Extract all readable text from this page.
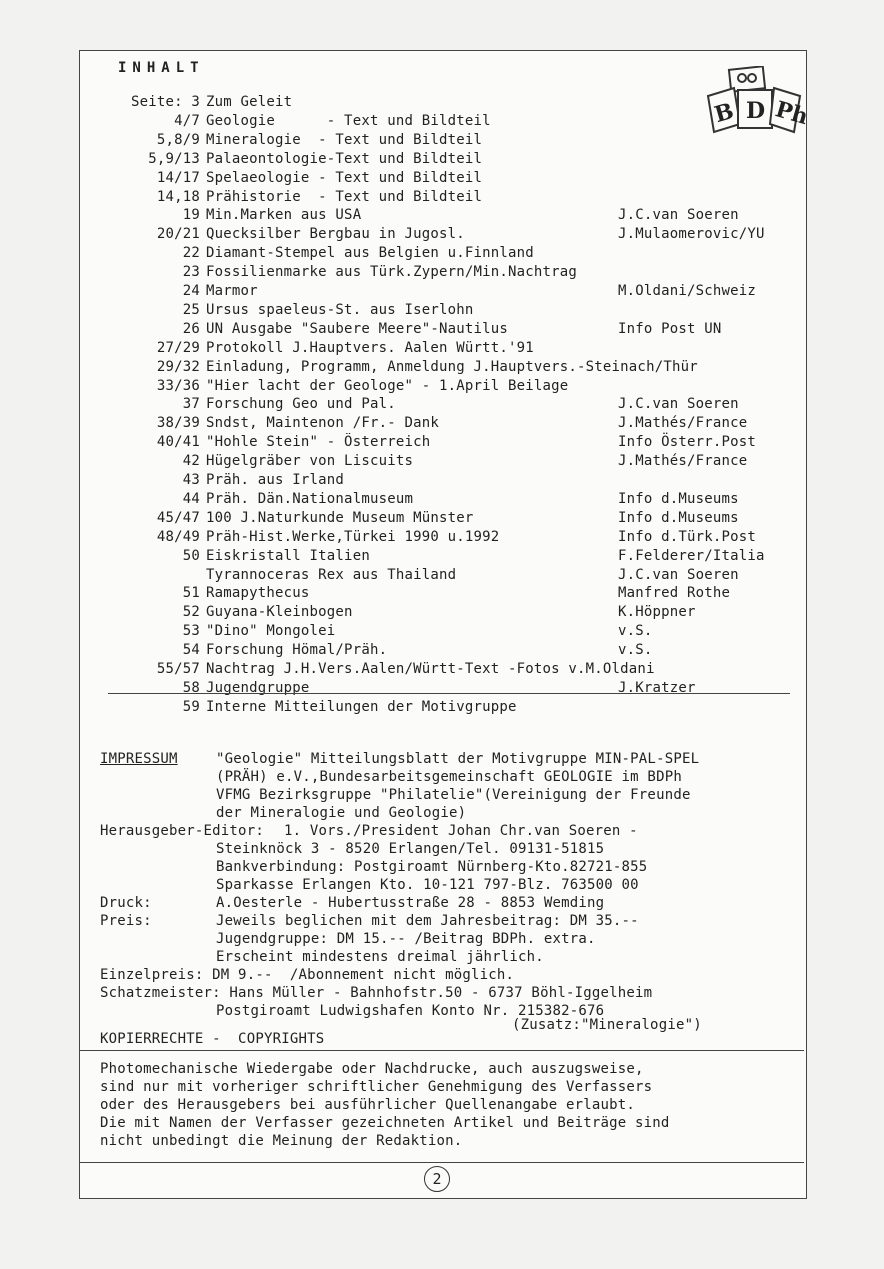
INHALT
B D Ph
Seite: 3 Zum Geleit
4/7 Geologie      - Text und Bildteil
5,8/9 Mineralogie  - Text und Bildteil
5,9/13 Palaeontologie-Text und Bildteil
14/17 Spelaeologie - Text und Bildteil
14,18 Prähistorie  - Text und Bildteil
19 Min.Marken aus USA	J.C.van Soeren
20/21 Quecksilber Bergbau in Jugosl.	J.Mulaomerovic/YU
22 Diamant-Stempel aus Belgien u.Finnland
23 Fossilienmarke aus Türk.Zypern/Min.Nachtrag
24 Marmor	M.Oldani/Schweiz
25 Ursus spaeleus-St. aus Iserlohn
26 UN Ausgabe "Saubere Meere"-Nautilus	Info Post UN
27/29 Protokoll J.Hauptvers. Aalen Württ.'91
29/32 Einladung, Programm, Anmeldung J.Hauptvers.-Steinach/Thür
33/36 "Hier lacht der Geologe" - 1.April Beilage
37 Forschung Geo und Pal.	J.C.van Soeren
38/39 Sndst, Maintenon /Fr.- Dank	J.Mathés/France
40/41 "Hohle Stein" - Österreich	Info Österr.Post
42 Hügelgräber von Liscuits	J.Mathés/France
43 Präh. aus Irland
44 Präh. Dän.Nationalmuseum	Info d.Museums
45/47 100 J.Naturkunde Museum Münster	Info d.Museums
48/49 Präh-Hist.Werke,Türkei 1990 u.1992	Info d.Türk.Post
50 Eiskristall Italien	F.Felderer/Italia
Tyrannoceras Rex aus Thailand	J.C.van Soeren
51 Ramapythecus	Manfred Rothe
52 Guyana-Kleinbogen	K.Höppner
53 "Dino" Mongolei	v.S.
54 Forschung Hömal/Präh.	v.S.
55/57 Nachtrag J.H.Vers.Aalen/Württ-Text -Fotos v.M.Oldani
58 Jugendgruppe	J.Kratzer
59 Interne Mitteilungen der Motivgruppe
IMPRESSUM	"Geologie" Mitteilungsblatt der Motivgruppe MIN-PAL-SPEL
(PRÄH) e.V.,Bundesarbeitsgemeinschaft GEOLOGIE im BDPh
VFMG Bezirksgruppe "Philatelie"(Vereinigung der Freunde
der Mineralogie und Geologie)
Herausgeber-Editor: 1. Vors./President Johan Chr.van Soeren -
Steinknöck 3 - 8520 Erlangen/Tel. 09131-51815
Bankverbindung: Postgiroamt Nürnberg-Kto.82721-855
Sparkasse Erlangen Kto. 10-121 797-Blz. 763500 00
Druck:	A.Oesterle - Hubertusstraße 28 - 8853 Wemding
Preis:	Jeweils beglichen mit dem Jahresbeitrag: DM 35.--
Jugendgruppe: DM 15.-- /Beitrag BDPh. extra.
Erscheint mindestens dreimal jährlich.
Einzelpreis: DM 9.--  /Abonnement nicht möglich.
Schatzmeister: Hans Müller - Bahnhofstr.50 - 6737 Böhl-Iggelheim
Postgiroamt Ludwigshafen Konto Nr. 215382-676
(Zusatz:"Mineralogie")
KOPIERRECHTE -  COPYRIGHTS
Photomechanische Wiedergabe oder Nachdrucke, auch auszugsweise,
sind nur mit vorheriger schriftlicher Genehmigung des Verfassers
oder des Herausgebers bei ausführlicher Quellenangabe erlaubt.
Die mit Namen der Verfasser gezeichneten Artikel und Beiträge sind
nicht unbedingt die Meinung der Redaktion.
2
